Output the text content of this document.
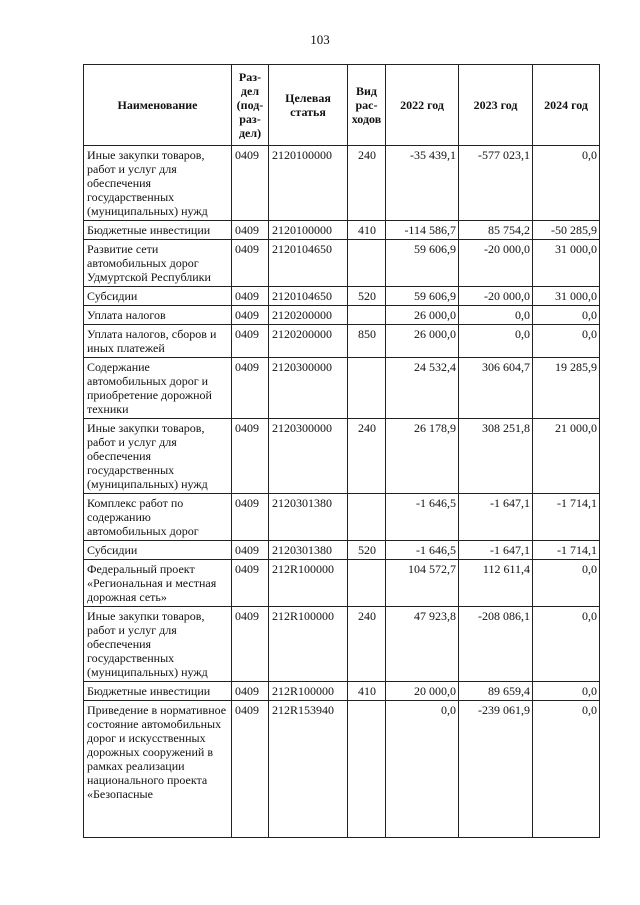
103
Наименование	Раз-дел (под-раз-дел)	Целевая статья	Вид рас-ходов	2022 год	2023 год	2024 год
Иные закупки товаров, работ и услуг для обеспечения государственных (муниципальных) нужд	0409	2120100000	240	-35 439,1	-577 023,1	0,0
Бюджетные инвестиции	0409	2120100000	410	-114 586,7	85 754,2	-50 285,9
Развитие сети автомобильных дорог Удмуртской Республики	0409	2120104650		59 606,9	-20 000,0	31 000,0
Субсидии	0409	2120104650	520	59 606,9	-20 000,0	31 000,0
Уплата налогов	0409	2120200000		26 000,0	0,0	0,0
Уплата налогов, сборов и иных платежей	0409	2120200000	850	26 000,0	0,0	0,0
Содержание автомобильных дорог и приобретение дорожной техники	0409	2120300000		24 532,4	306 604,7	19 285,9
Иные закупки товаров, работ и услуг для обеспечения государственных (муниципальных) нужд	0409	2120300000	240	26 178,9	308 251,8	21 000,0
Комплекс работ по содержанию автомобильных дорог	0409	2120301380		-1 646,5	-1 647,1	-1 714,1
Субсидии	0409	2120301380	520	-1 646,5	-1 647,1	-1 714,1
Федеральный проект «Региональная и местная дорожная сеть»	0409	212R100000		104 572,7	112 611,4	0,0
Иные закупки товаров, работ и услуг для обеспечения государственных (муниципальных) нужд	0409	212R100000	240	47 923,8	-208 086,1	0,0
Бюджетные инвестиции	0409	212R100000	410	20 000,0	89 659,4	0,0
Приведение в нормативное состояние автомобильных дорог и искусственных дорожных сооружений в рамках реализации национального проекта «Безопасные	0409	212R153940		0,0	-239 061,9	0,0
